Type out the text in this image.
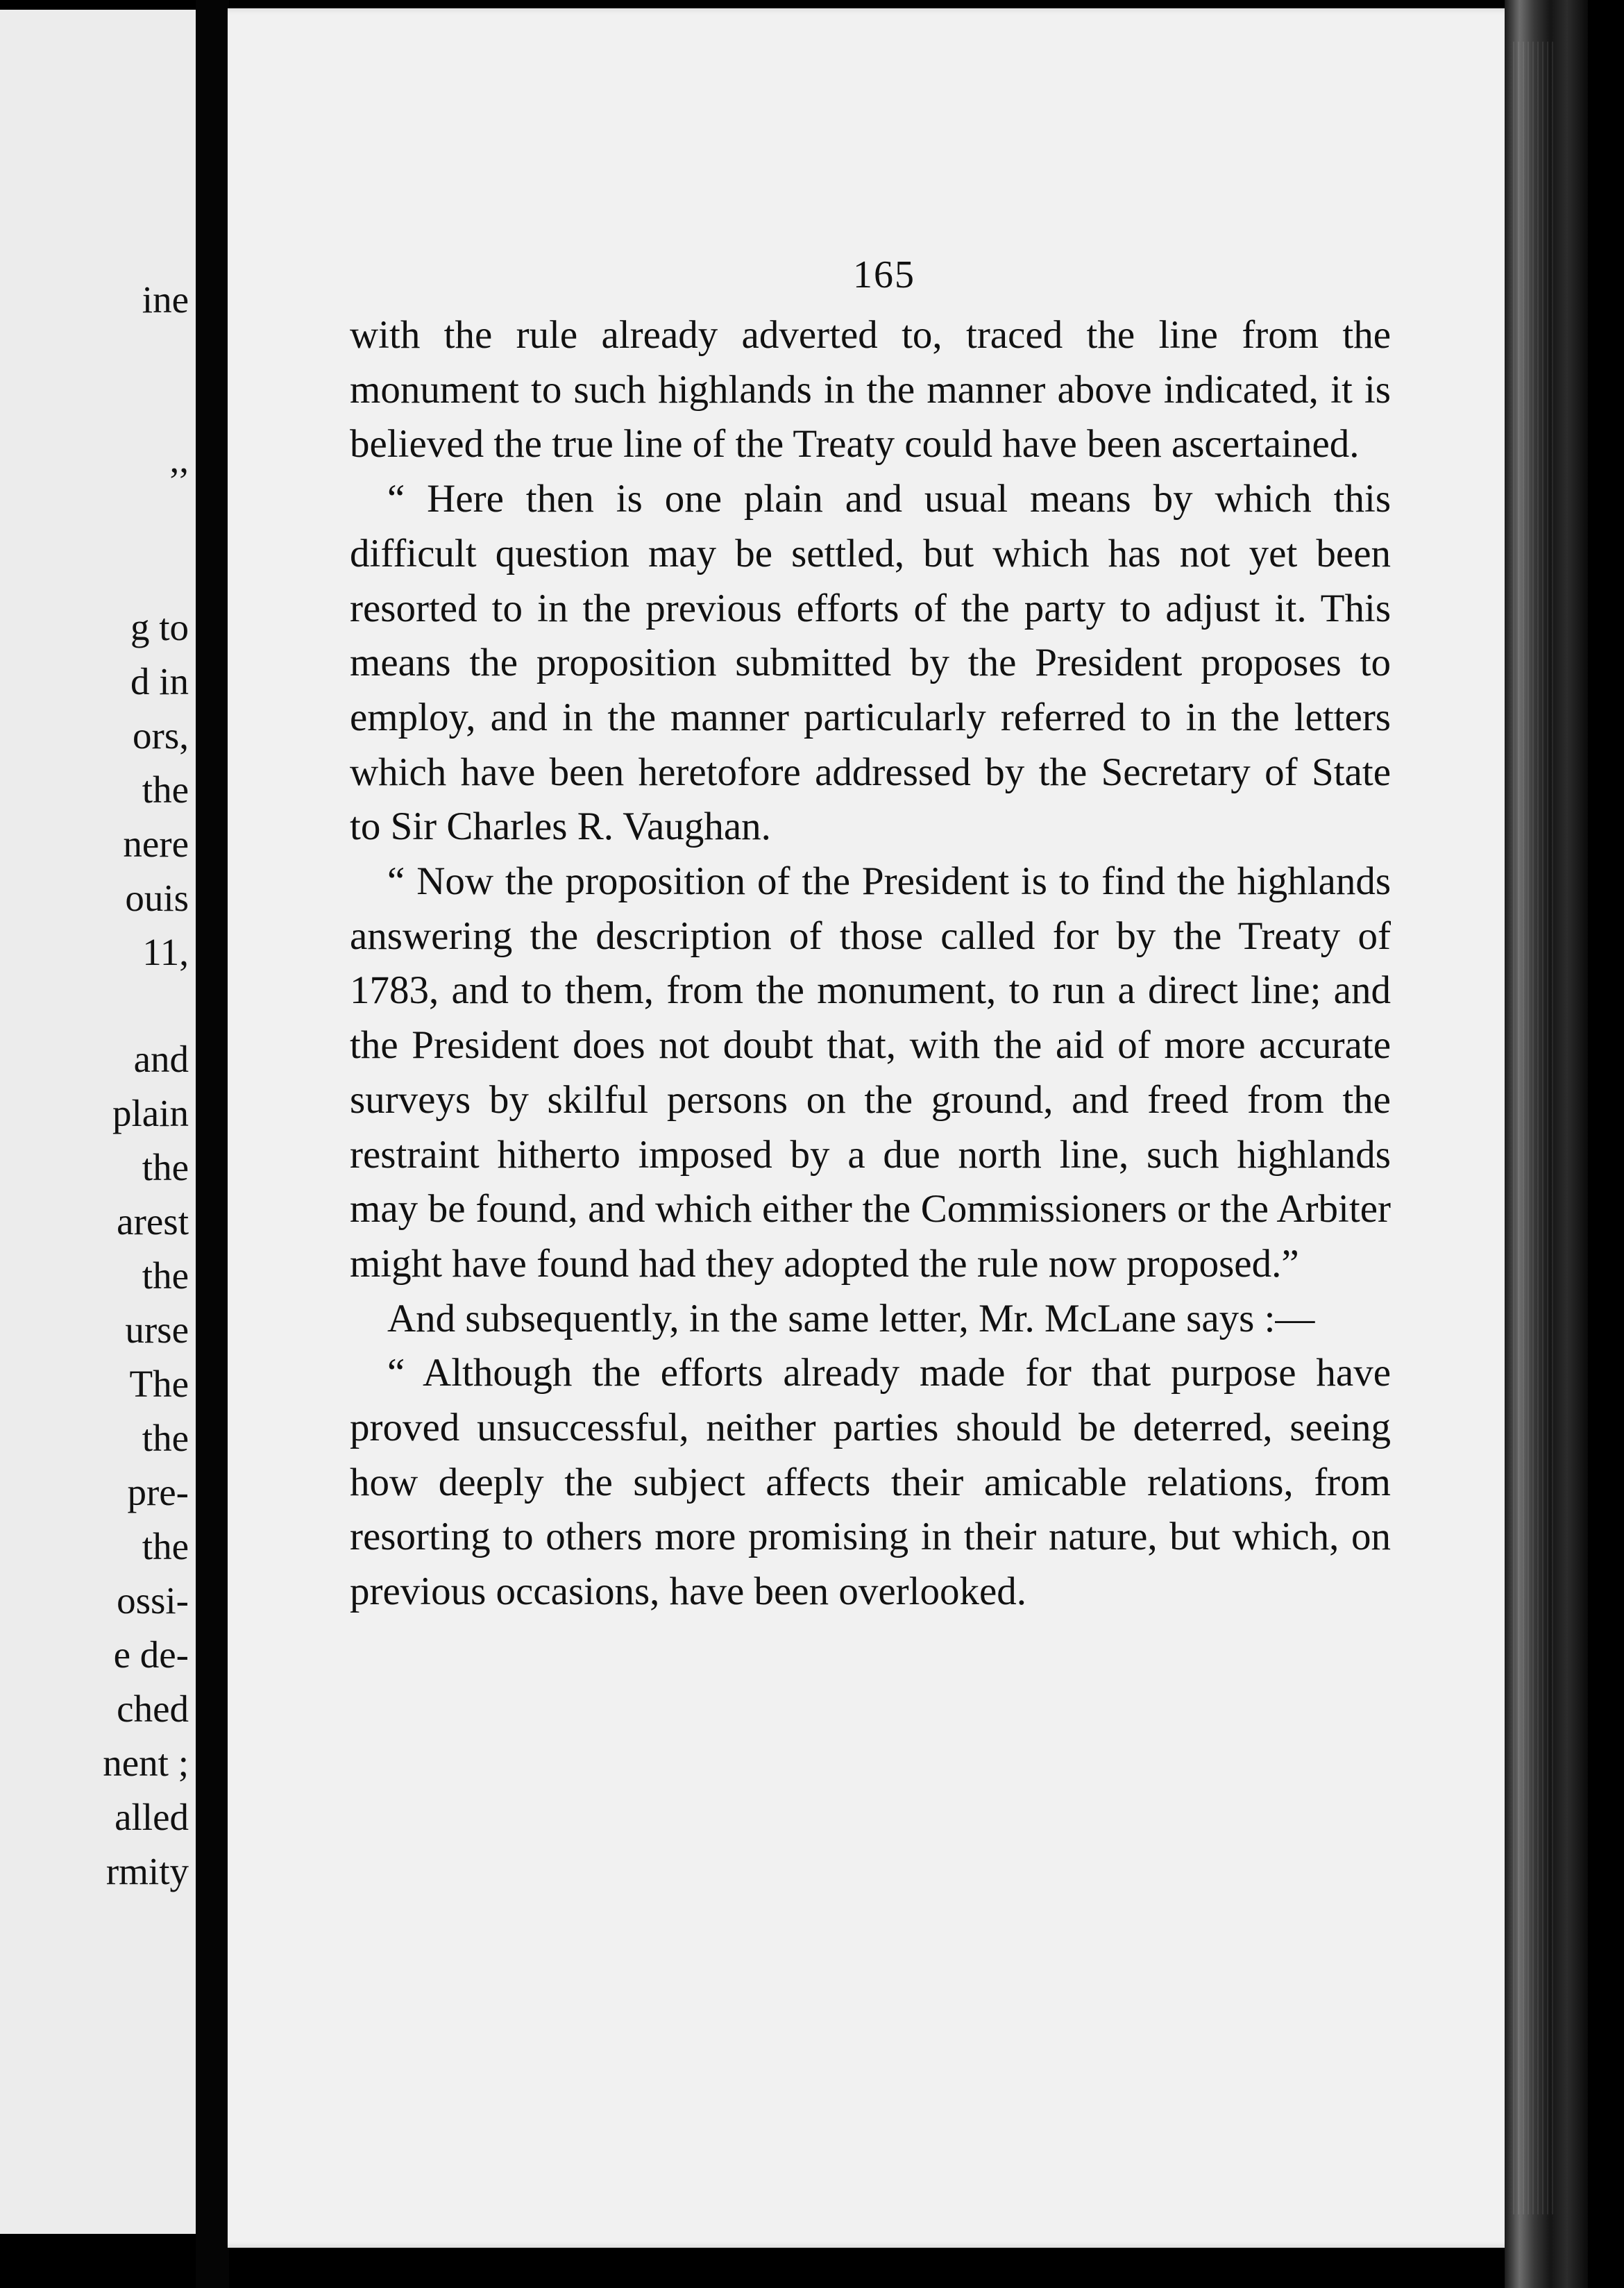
ine

,,

g to

d in

ors,

the

nere

ouis

11,

and

plain

the

arest

the

urse

The

the

pre-

the

ossi-

e de-

ched

nent ;

alled

rmity

165

with the rule already adverted to, traced the line from the monument to such highlands in the manner above indicated, it is believed the true line of the Treaty could have been ascertained.

“ Here then is one plain and usual means by which this difficult question may be settled, but which has not yet been resorted to in the previous efforts of the party to adjust it. This means the proposition submitted by the President proposes to employ, and in the manner particularly referred to in the letters which have been heretofore addressed by the Secretary of State to Sir Charles R. Vaughan.

“ Now the proposition of the President is to find the highlands answering the description of those called for by the Treaty of 1783, and to them, from the monument, to run a direct line; and the President does not doubt that, with the aid of more accurate surveys by skilful persons on the ground, and freed from the restraint hitherto imposed by a due north line, such highlands may be found, and which either the Commissioners or the Arbiter might have found had they adopted the rule now proposed.”

And subsequently, in the same letter, Mr. McLane says :—

“ Although the efforts already made for that purpose have proved unsuccessful, neither parties should be deterred, seeing how deeply the subject affects their amicable relations, from resorting to others more promising in their nature, but which, on previous occasions, have been overlooked.
